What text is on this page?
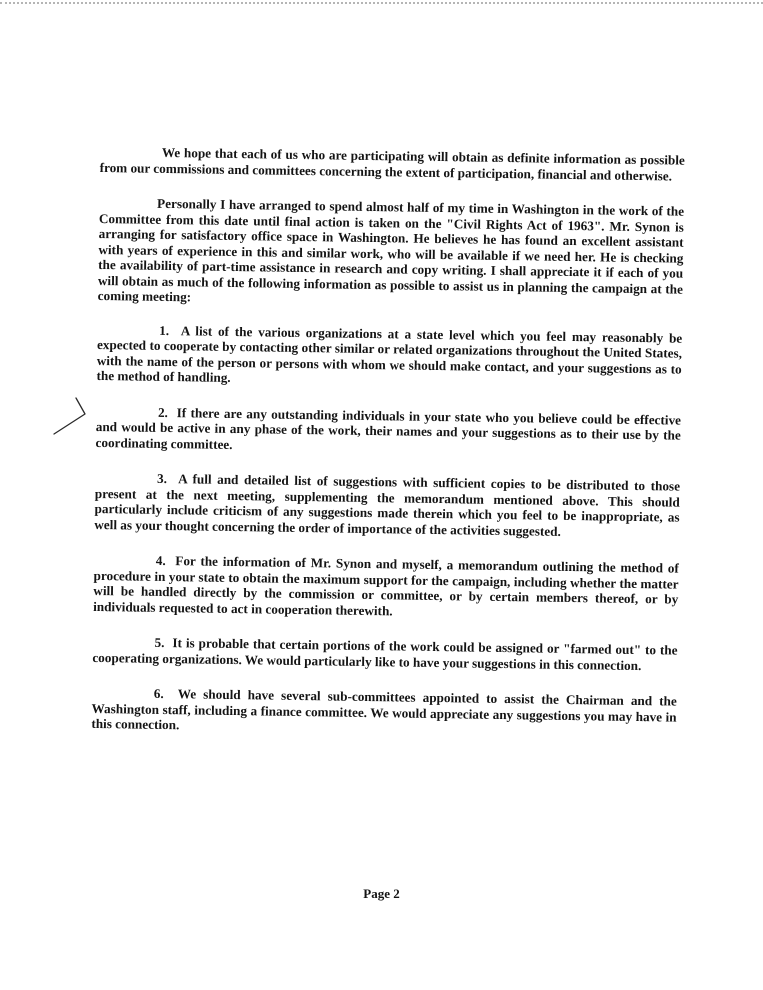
We hope that each of us who are participating will obtain as definite information as possible from our commissions and committees concerning the extent of participation, financial and otherwise.

Personally I have arranged to spend almost half of my time in Washington in the work of the Committee from this date until final action is taken on the "Civil Rights Act of 1963". Mr. Synon is arranging for satisfactory office space in Washington. He believes he has found an excellent assistant with years of experience in this and similar work, who will be available if we need her. He is checking the availability of part-time assistance in research and copy writing. I shall appreciate it if each of you will obtain as much of the following information as possible to assist us in planning the campaign at the coming meeting:

1. A list of the various organizations at a state level which you feel may reasonably be expected to cooperate by contacting other similar or related organizations throughout the United States, with the name of the person or persons with whom we should make contact, and your suggestions as to the method of handling.

2. If there are any outstanding individuals in your state who you believe could be effective and would be active in any phase of the work, their names and your suggestions as to their use by the coordinating committee.

3. A full and detailed list of suggestions with sufficient copies to be distributed to those present at the next meeting, supplementing the memorandum mentioned above. This should particularly include criticism of any suggestions made therein which you feel to be inappropriate, as well as your thought concerning the order of importance of the activities suggested.

4. For the information of Mr. Synon and myself, a memorandum outlining the method of procedure in your state to obtain the maximum support for the campaign, including whether the matter will be handled directly by the commission or committee, or by certain members thereof, or by individuals requested to act in cooperation therewith.

5. It is probable that certain portions of the work could be assigned or "farmed out" to the cooperating organizations. We would particularly like to have your suggestions in this connection.

6. We should have several sub-committees appointed to assist the Chairman and the Washington staff, including a finance committee. We would appreciate any suggestions you may have in this connection.

Page 2
